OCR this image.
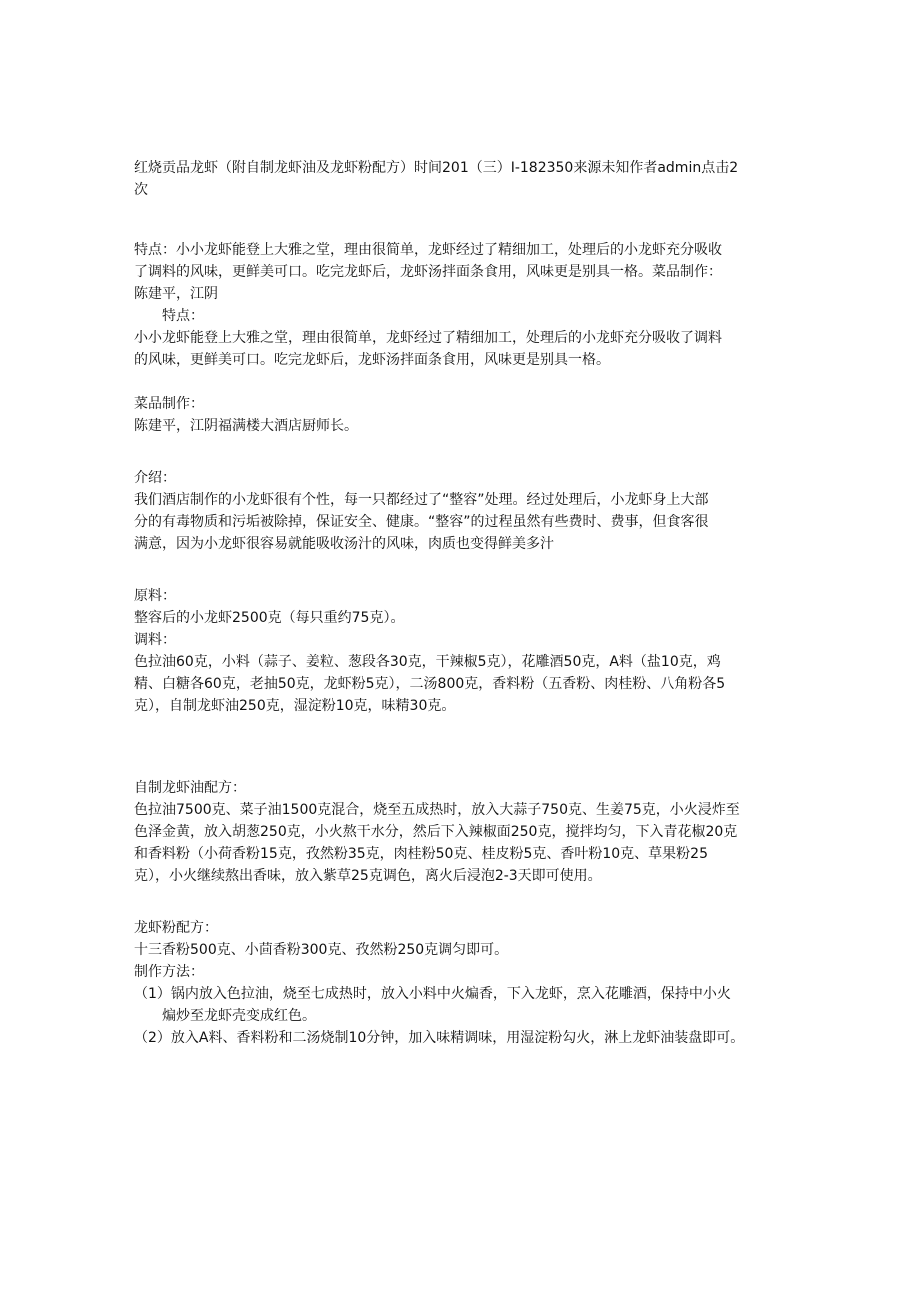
红烧贡品龙虾（附自制龙虾油及龙虾粉配方）时间201（三）I-182350来源未知作者admin点击2
次
特点：小小龙虾能登上大雅之堂，理由很简单，龙虾经过了精细加工，处理后的小龙虾充分吸收
了调料的风味，更鲜美可口。吃完龙虾后，龙虾汤拌面条食用，风味更是别具一格。菜品制作：
陈建平，江阴
特点：
小小龙虾能登上大雅之堂，理由很简单，龙虾经过了精细加工，处理后的小龙虾充分吸收了调料
的风味，更鲜美可口。吃完龙虾后，龙虾汤拌面条食用，风味更是别具一格。
菜品制作：
陈建平，江阴福满楼大酒店厨师长。
介绍：
我们酒店制作的小龙虾很有个性，每一只都经过了“整容”处理。经过处理后，小龙虾身上大部
分的有毒物质和污垢被除掉，保证安全、健康。“整容”的过程虽然有些费时、费事，但食客很
满意，因为小龙虾很容易就能吸收汤汁的风味，肉质也变得鲜美多汁
原料：
整容后的小龙虾2500克（每只重约75克）。
调料：
色拉油60克，小料（蒜子、姜粒、葱段各30克，干辣椒5克），花雕酒50克，A料（盐10克，鸡
精、白糖各60克，老抽50克，龙虾粉5克），二汤800克，香料粉（五香粉、肉桂粉、八角粉各5
克），自制龙虾油250克，湿淀粉10克，味精30克。
自制龙虾油配方：
色拉油7500克、菜子油1500克混合，烧至五成热时，放入大蒜子750克、生姜75克，小火浸炸至
色泽金黄，放入胡葱250克，小火熬干水分，然后下入辣椒面250克，搅拌均匀，下入青花椒20克
和香料粉（小荷香粉15克，孜然粉35克，肉桂粉50克、桂皮粉5克、香叶粉10克、草果粉25
克），小火继续熬出香味，放入紫草25克调色，离火后浸泡2-3天即可使用。
龙虾粉配方：
十三香粉500克、小茴香粉300克、孜然粉250克调匀即可。
制作方法：
（1）锅内放入色拉油，烧至七成热时，放入小料中火煸香，下入龙虾，烹入花雕酒，保持中小火
煸炒至龙虾壳变成红色。
（2）放入A料、香料粉和二汤烧制10分钟，加入味精调味，用湿淀粉勾火，淋上龙虾油装盘即可。
